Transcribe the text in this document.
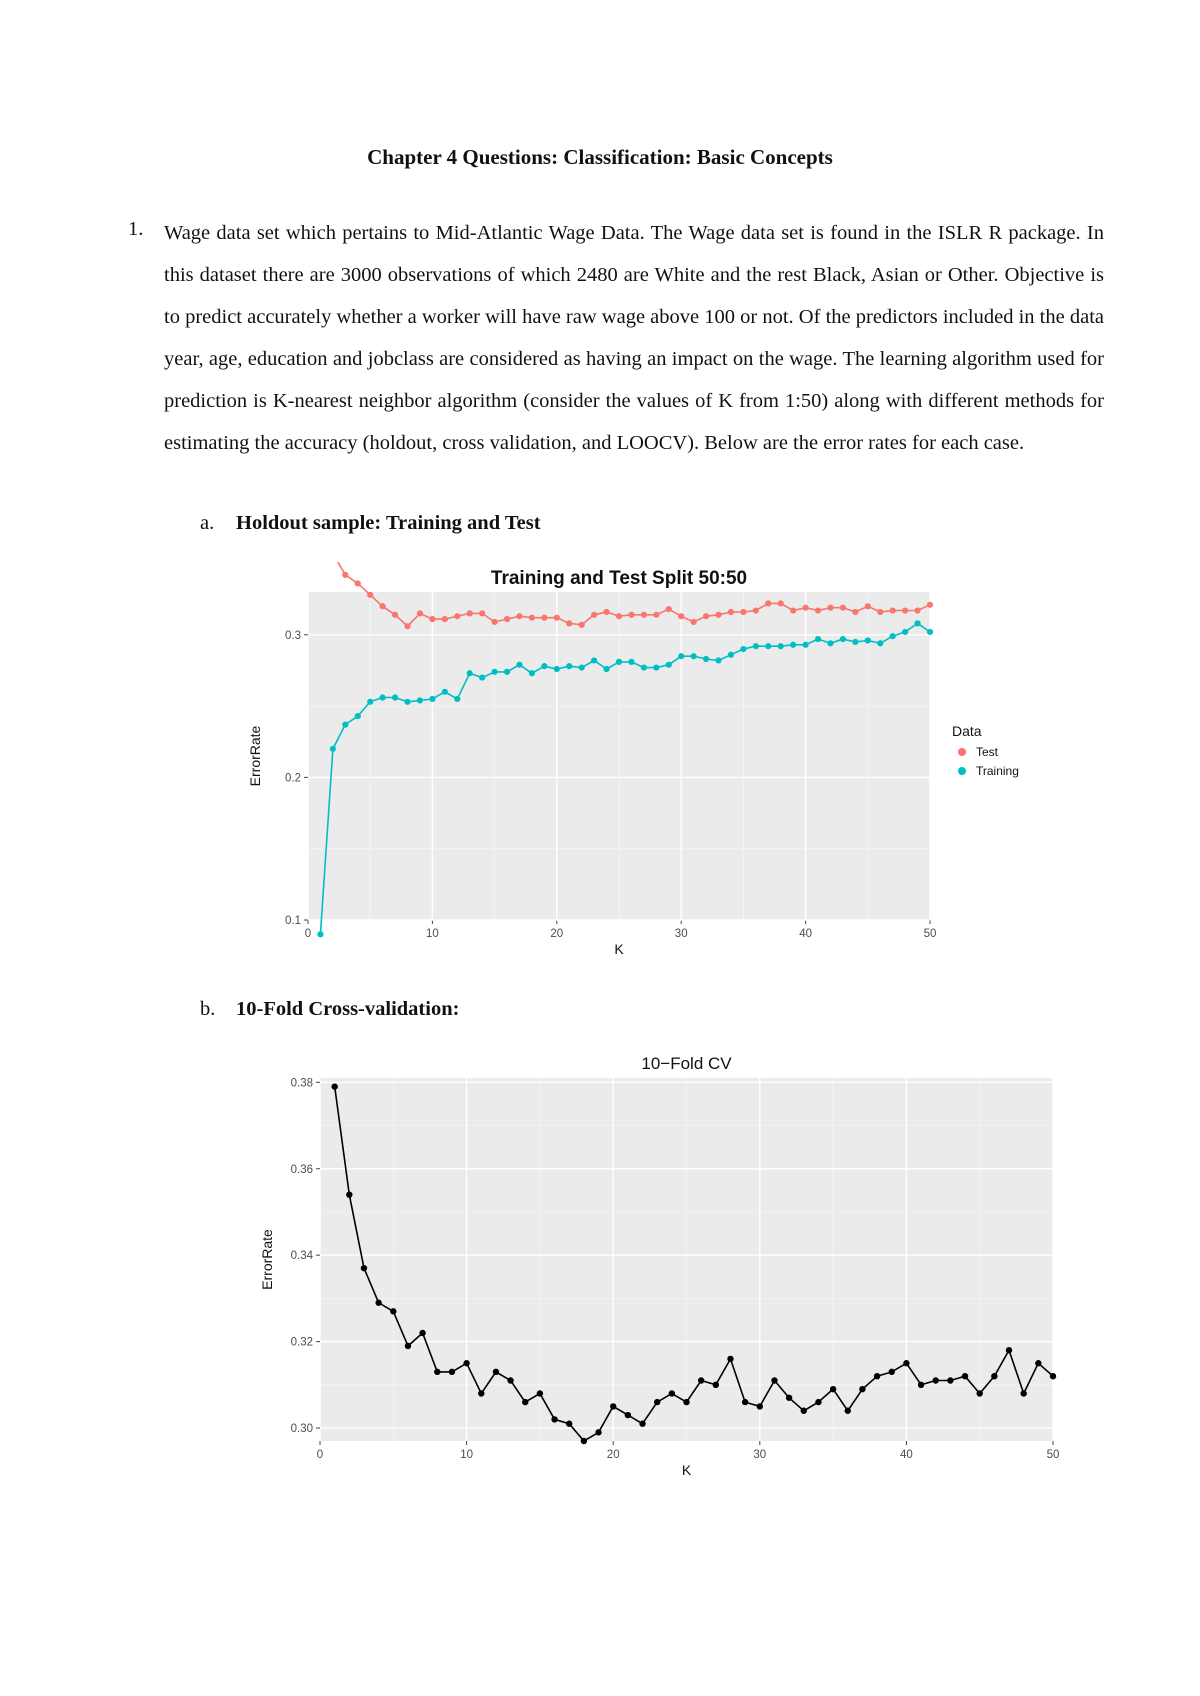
Chapter 4 Questions: Classification: Basic Concepts
1. Wage data set which pertains to Mid-Atlantic Wage Data. The Wage data set is found in the ISLR R package. In this dataset there are 3000 observations of which 2480 are White and the rest Black, Asian or Other. Objective is to predict accurately whether a worker will have raw wage above 100 or not. Of the predictors included in the data year, age, education and jobclass are considered as having an impact on the wage. The learning algorithm used for prediction is K-nearest neighbor algorithm (consider the values of K from 1:50) along with different methods for estimating the accuracy (holdout, cross validation, and LOOCV). Below are the error rates for each case.
a. Holdout sample: Training and Test
Training and Test Split 50:50
0	10	20	30	40	50
0.1
0.2
0.3
K
ErrorRate	Data
Test
Training
b. 10-Fold Cross-validation:
10−Fold CV
0	10	20	30	40	50
0.30
0.32
0.34
0.36
0.38
K
ErrorRate
